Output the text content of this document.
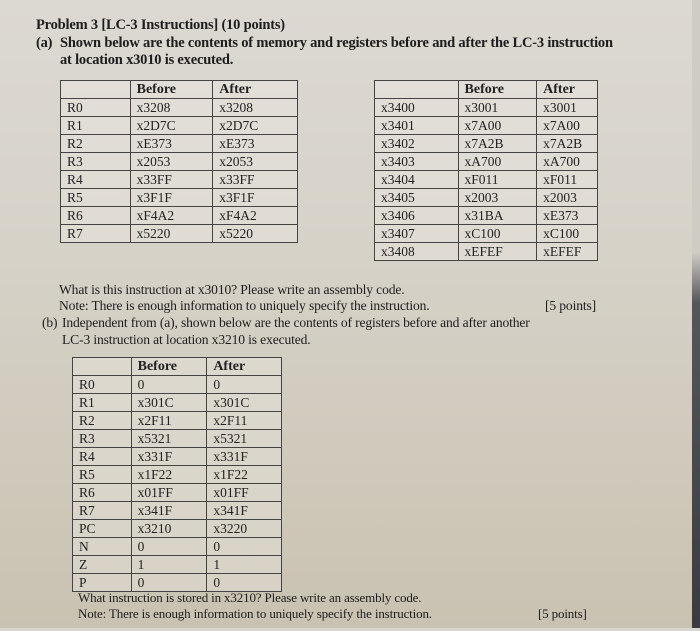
Problem 3 [LC-3 Instructions] (10 points)
(a) Shown below are the contents of memory and registers before and after the LC-3 instruction
at location x3010 is executed.
	Before	After
R0	x3208	x3208
R1	x2D7C	x2D7C
R2	xE373	xE373
R3	x2053	x2053
R4	x33FF	x33FF
R5	x3F1F	x3F1F
R6	xF4A2	xF4A2
R7	x5220	x5220
	Before	After
x3400	x3001	x3001
x3401	x7A00	x7A00
x3402	x7A2B	x7A2B
x3403	xA700	xA700
x3404	xF011	xF011
x3405	x2003	x2003
x3406	x31BA	xE373
x3407	xC100	xC100
x3408	xEFEF	xEFEF
What is this instruction at x3010? Please write an assembly code.
Note: There is enough information to uniquely specify the instruction.	[5 points]
(b) Independent from (a), shown below are the contents of registers before and after another
LC-3 instruction at location x3210 is executed.
	Before	After
R0	0	0
R1	x301C	x301C
R2	x2F11	x2F11
R3	x5321	x5321
R4	x331F	x331F
R5	x1F22	x1F22
R6	x01FF	x01FF
R7	x341F	x341F
PC	x3210	x3220
N	0	0
Z	1	1
P	0	0
What instruction is stored in x3210? Please write an assembly code.
Note: There is enough information to uniquely specify the instruction.	[5 points]
